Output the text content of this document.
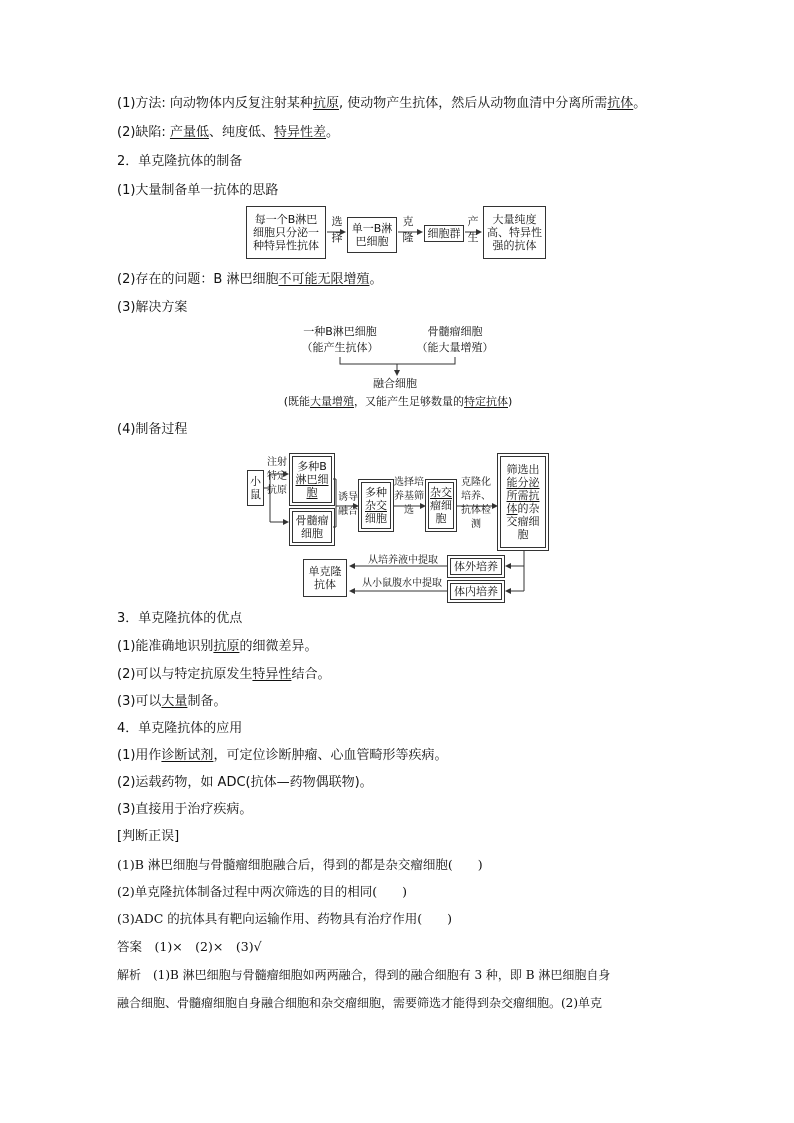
(1)方法: 向动物体内反复注射某种抗原, 使动物产生抗体，然后从动物血清中分离所需抗体。
(2)缺陷: 产量低、纯度低、特异性差。
2．单克隆抗体的制备
(1)大量制备单一抗体的思路
每一个B淋巴细胞只分泌一种特异性抗体
选择
单一B淋巴细胞
克隆	细胞群
产生
大量纯度高、特异性强的抗体
(2)存在的问题：B 淋巴细胞不可能无限增殖。
(3)解决方案
一种B淋巴细胞
（能产生抗体）
骨髓瘤细胞
（能大量增殖）
融合细胞
(既能大量增殖，又能产生足够数量的特定抗体)
(4)制备过程
小鼠
注射特定抗原
多种B淋巴细胞
骨髓瘤细胞
诱导融合
多种杂交细胞
选择培养基筛选
杂交瘤细胞
克隆化培养、抗体检测
筛选出能分泌所需抗体的杂交瘤细胞
体外培养
体内培养
从培养液中提取
从小鼠腹水中提取
单克隆抗体
3．单克隆抗体的优点
(1)能准确地识别抗原的细微差异。
(2)可以与特定抗原发生特异性结合。
(3)可以大量制备。
4．单克隆抗体的应用
(1)用作诊断试剂，可定位诊断肿瘤、心血管畸形等疾病。
(2)运载药物，如 ADC(抗体—药物偶联物)。
(3)直接用于治疗疾病。
[判断正误]
(1)B 淋巴细胞与骨髓瘤细胞融合后，得到的都是杂交瘤细胞(　　)
(2)单克隆抗体制备过程中两次筛选的目的相同(　　)
(3)ADC 的抗体具有靶向运输作用、药物具有治疗作用(　　)
答案　(1)×　(2)×　(3)√
解析　(1)B 淋巴细胞与骨髓瘤细胞如两两融合，得到的融合细胞有 3 种，即 B 淋巴细胞自身
融合细胞、骨髓瘤细胞自身融合细胞和杂交瘤细胞，需要筛选才能得到杂交瘤细胞。(2)单克
